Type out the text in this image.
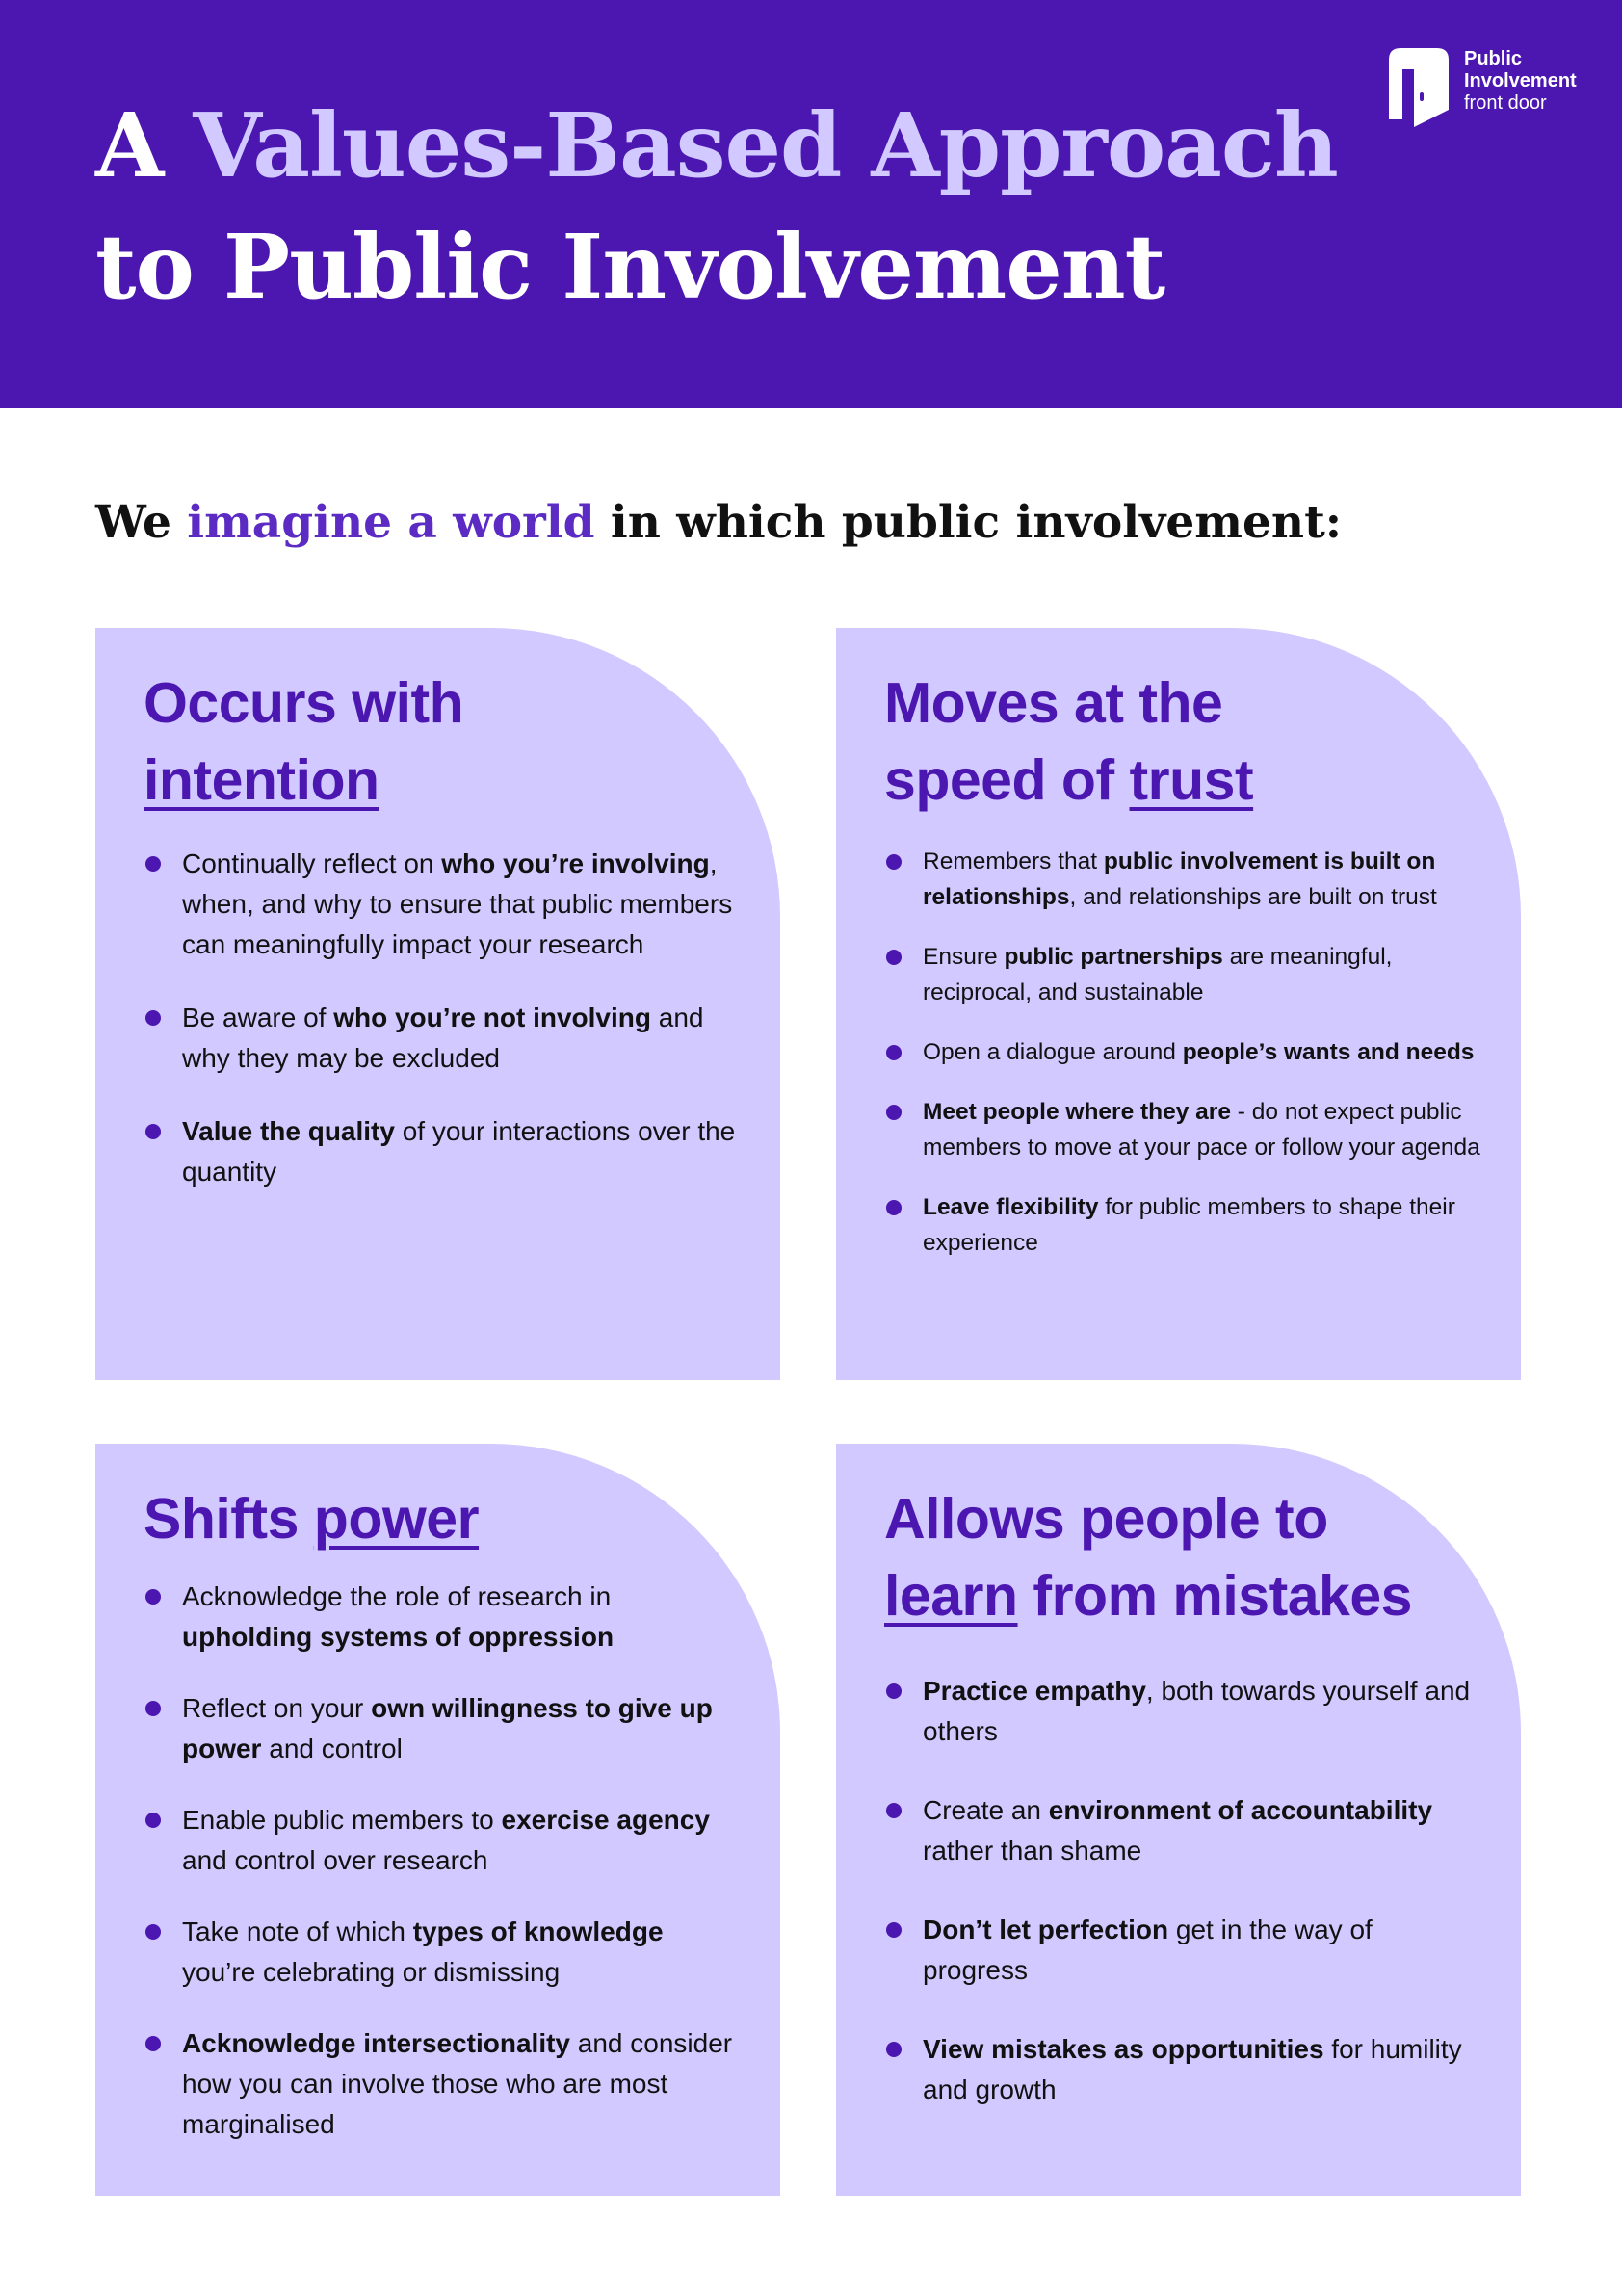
A Values-Based Approach
to Public Involvement
Public
Involvement
front door

We imagine a world in which public involvement:

Occurs with
intention
Continually reflect on who you’re involving, when, and why to ensure that public members can meaningfully impact your research
Be aware of who you’re not involving and why they may be excluded
Value the quality of your interactions over the quantity
Moves at the
speed of trust
Remembers that public involvement is built on relationships, and relationships are built on trust
Ensure public partnerships are meaningful, reciprocal, and sustainable
Open a dialogue around people’s wants and needs
Meet people where they are - do not expect public members to move at your pace or follow your agenda
Leave flexibility for public members to shape their experience
Shifts power
Acknowledge the role of research in upholding systems of oppression
Reflect on your own willingness to give up power and control
Enable public members to exercise agency and control over research
Take note of which types of knowledge you’re celebrating or dismissing
Acknowledge intersectionality and consider how you can involve those who are most marginalised
Allows people to
learn from mistakes
Practice empathy, both towards yourself and others
Create an environment of accountability rather than shame
Don’t let perfection get in the way of progress
View mistakes as opportunities for humility and growth
